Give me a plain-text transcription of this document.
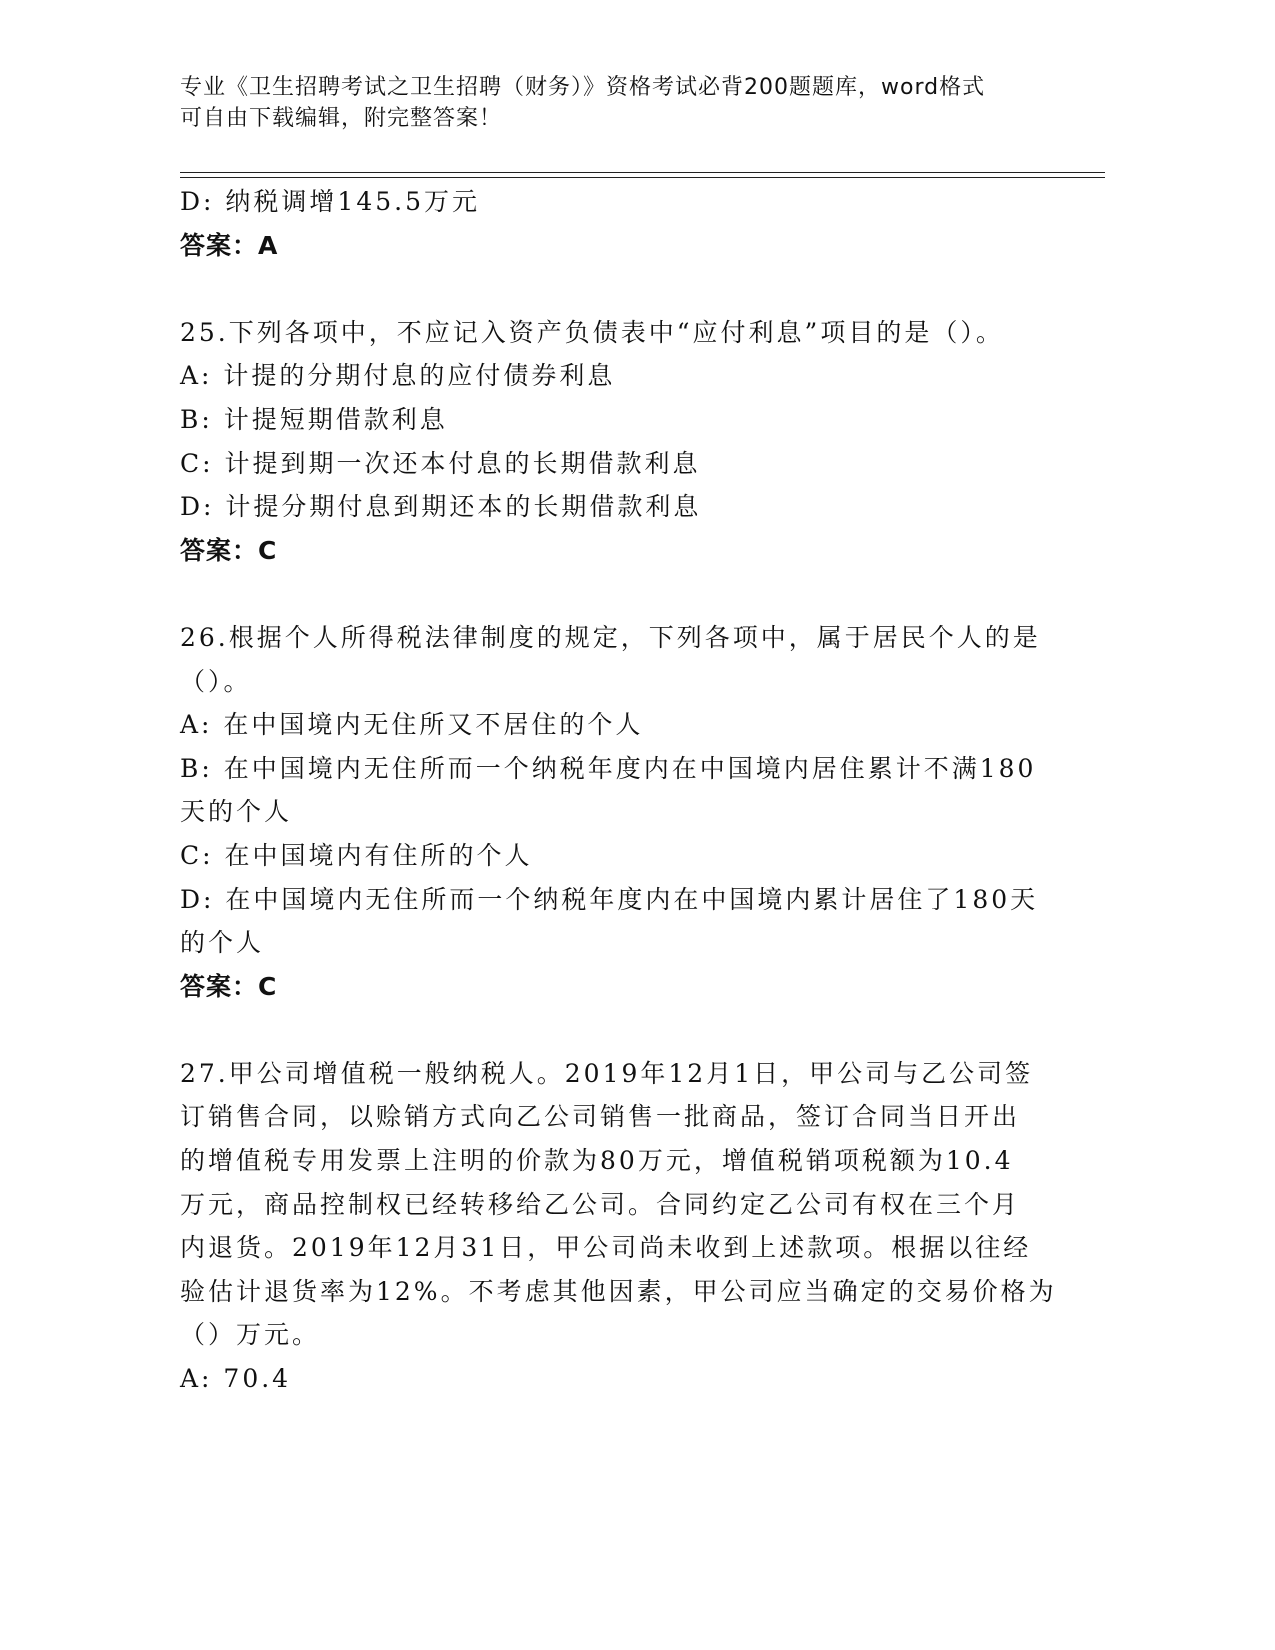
专业《卫生招聘考试之卫生招聘（财务）》资格考试必背200题题库，word格式
可自由下载编辑，附完整答案！
D: 纳税调增145.5万元
答案：A
25.下列各项中，不应记入资产负债表中“应付利息”项目的是（）。
A: 计提的分期付息的应付债券利息
B: 计提短期借款利息
C: 计提到期一次还本付息的长期借款利息
D: 计提分期付息到期还本的长期借款利息
答案：C
26.根据个人所得税法律制度的规定，下列各项中，属于居民个人的是
（）。
A: 在中国境内无住所又不居住的个人
B: 在中国境内无住所而一个纳税年度内在中国境内居住累计不满180
天的个人
C: 在中国境内有住所的个人
D: 在中国境内无住所而一个纳税年度内在中国境内累计居住了180天
的个人
答案：C
27.甲公司增值税一般纳税人。2019年12月1日，甲公司与乙公司签
订销售合同，以赊销方式向乙公司销售一批商品，签订合同当日开出
的增值税专用发票上注明的价款为80万元，增值税销项税额为10.4
万元，商品控制权已经转移给乙公司。合同约定乙公司有权在三个月
内退货。2019年12月31日，甲公司尚未收到上述款项。根据以往经
验估计退货率为12%。不考虑其他因素，甲公司应当确定的交易价格为
（）万元。
A: 70.4
